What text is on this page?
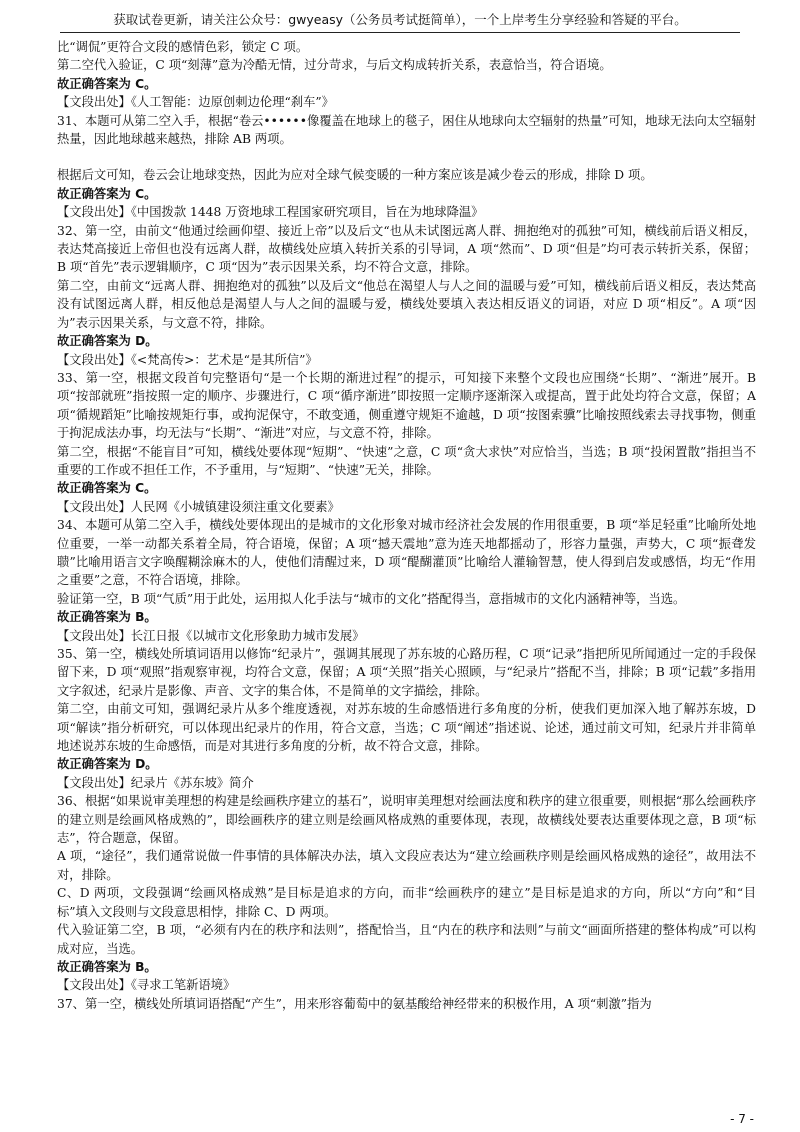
获取试卷更新，请关注公众号：gwyeasy（公务员考试挺简单），一个上岸考生分享经验和答疑的平台。

比“调侃”更符合文段的感情色彩，锁定 C 项。

第二空代入验证，C 项“刻薄”意为冷酷无情，过分苛求，与后文构成转折关系，表意恰当，符合语境。

故正确答案为 C。

【文段出处】《人工智能：边原创刺边伦理“刹车”》

31、本题可从第二空入手，根据“卷云••••••像覆盖在地球上的毯子，困住从地球向太空辐射的热量”可知，地球无法向太空辐射热量，因此地球越来越热，排除 AB 两项。

根据后文可知，卷云会让地球变热，因此为应对全球气候变暖的一种方案应该是减少卷云的形成，排除 D 项。

故正确答案为 C。

【文段出处】《中国拨款 1448 万资地球工程国家研究项目，旨在为地球降温》

32、第一空，由前文“他通过绘画仰望、接近上帝”以及后文“也从未试图远离人群、拥抱绝对的孤独”可知，横线前后语义相反，表达梵高接近上帝但也没有远离人群，故横线处应填入转折关系的引导词，A 项“然而”、D 项“但是”均可表示转折关系，保留；B 项“首先”表示逻辑顺序，C 项“因为”表示因果关系，均不符合文意，排除。

第二空，由前文“远离人群、拥抱绝对的孤独”以及后文“他总在渴望人与人之间的温暖与爱”可知，横线前后语义相反，表达梵高没有试图远离人群，相反他总是渴望人与人之间的温暖与爱，横线处要填入表达相反语义的词语，对应 D 项“相反”。A 项“因为”表示因果关系，与文意不符，排除。

故正确答案为 D。

【文段出处】《<梵高传>：艺术是“是其所信”》

33、第一空，根据文段首句完整语句“是一个长期的渐进过程”的提示，可知接下来整个文段也应围绕“长期”、“渐进”展开。B 项“按部就班”指按照一定的顺序、步骤进行，C 项“循序渐进”即按照一定顺序逐渐深入或提高，置于此处均符合文意，保留；A 项“循规蹈矩”比喻按规矩行事，或拘泥保守，不敢变通，侧重遵守规矩不逾越，D 项“按图索骥”比喻按照线索去寻找事物，侧重于拘泥成法办事，均无法与“长期”、“渐进”对应，与文意不符，排除。

第二空，根据“不能盲目”可知，横线处要体现“短期”、“快速”之意，C 项“贪大求快”对应恰当，当选；B 项“投闲置散”指担当不重要的工作或不担任工作，不予重用，与“短期”、“快速”无关，排除。

故正确答案为 C。

【文段出处】人民网《小城镇建设须注重文化要素》

34、本题可从第二空入手，横线处要体现出的是城市的文化形象对城市经济社会发展的作用很重要，B 项“举足轻重”比喻所处地位重要，一举一动都关系着全局，符合语境，保留；A 项“撼天震地”意为连天地都摇动了，形容力量强，声势大，C 项“振聋发聩”比喻用语言文字唤醒糊涂麻木的人，使他们清醒过来，D 项“醍醐灌顶”比喻给人灌输智慧，使人得到启发或感悟，均无“作用之重要”之意，不符合语境，排除。

验证第一空，B 项“气质”用于此处，运用拟人化手法与“城市的文化”搭配得当，意指城市的文化内涵精神等，当选。

故正确答案为 B。

【文段出处】长江日报《以城市文化形象助力城市发展》

35、第一空，横线处所填词语用以修饰“纪录片”，强调其展现了苏东坡的心路历程，C 项“记录”指把所见所闻通过一定的手段保留下来，D 项“观照”指观察审视，均符合文意，保留；A 项“关照”指关心照顾，与“纪录片”搭配不当，排除；B 项“记载”多指用文字叙述，纪录片是影像、声音、文字的集合体，不是简单的文字描绘，排除。

第二空，由前文可知，强调纪录片从多个维度透视，对苏东坡的生命感悟进行多角度的分析，使我们更加深入地了解苏东坡，D 项“解读”指分析研究，可以体现出纪录片的作用，符合文意，当选；C 项“阐述”指述说、论述，通过前文可知，纪录片并非简单地述说苏东坡的生命感悟，而是对其进行多角度的分析，故不符合文意，排除。

故正确答案为 D。

【文段出处】纪录片《苏东坡》简介

36、根据“如果说审美理想的构建是绘画秩序建立的基石”，说明审美理想对绘画法度和秩序的建立很重要，则根据“那么绘画秩序的建立则是绘画风格成熟的”，即绘画秩序的建立则是绘画风格成熟的重要体现，表现，故横线处要表达重要体现之意，B 项“标志”，符合题意，保留。

A 项，“途径”，我们通常说做一件事情的具体解决办法，填入文段应表达为“建立绘画秩序则是绘画风格成熟的途径”，故用法不对，排除。

C、D 两项，文段强调“绘画风格成熟”是目标是追求的方向，而非“绘画秩序的建立”是目标是追求的方向，所以“方向”和“目标”填入文段则与文段意思相悖，排除 C、D 两项。

代入验证第二空，B 项，“必须有内在的秩序和法则”，搭配恰当，且“内在的秩序和法则”与前文“画面所搭建的整体构成”可以构成对应，当选。

故正确答案为 B。

【文段出处】《寻求工笔新语境》

37、第一空，横线处所填词语搭配“产生”，用来形容葡萄中的氨基酸给神经带来的积极作用，A 项“刺激”指为

- 7 -
